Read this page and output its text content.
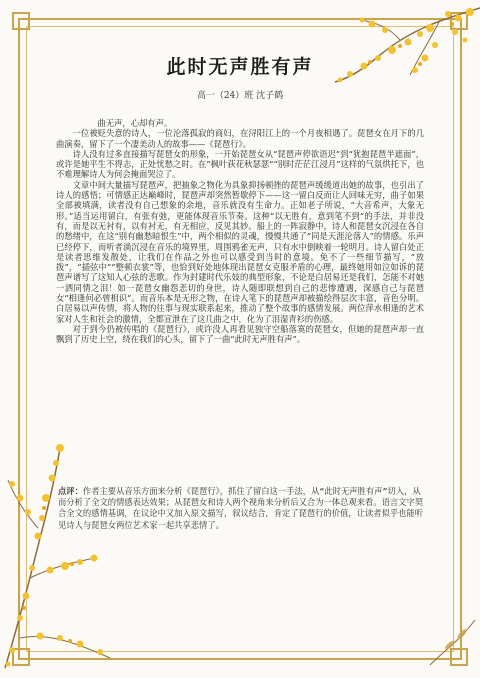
此时无声胜有声
高一（24）班 沈子鹤

曲无声，心却有声。

一位被贬失意的诗人，一位沦落孤寂的商妇，在浔阳江上的一个月夜相遇了。琵琶女在月下的几曲演奏，留下了一个凄美动人的故事——《琵琶行》。

诗人没有过多直接描写琵琶女的形象，一开始琵琶女从“琵琶声停欲语迟”到“犹抱琵琶半遮面”，或许是她平生不得志，正处忧愁之时。在“枫叶荻花秋瑟瑟”“别时茫茫江浸月”这样的气氛烘托下，也不难理解诗人为何会掩面哭泣了。

文章中间大量描写琵琶声，把抽象之物化为具象抑扬顿挫的琵琶声缓缓道出她的故事，也引出了诗人的感悟；可情感正达巅峰时，琵琶声却突然暂歇停下——这一留白反而让人回味无穷，曲子如果全部被填满，读者没有自己想象的余地，音乐就没有生命力。正如老子所说，“大音希声，大象无形。”适当运用留白，有张有弛，更能体现音乐节奏。这种“以无胜有，意到笔不到”的手法，并非没有，而是以无衬有，以有衬无，有无相应，反见其妙。船上的一阵寂静中，诗人和琵琶女沉浸在各自的愁绪中，在这“别有幽愁暗恨生”中，两个相似的灵魂，慢慢共通了“同是天涯沦落人”的情感。乐声已经停下，而听者淌沉浸在音乐的境界里，周围鸦雀无声，只有水中倒映着一轮明月。诗人留白处正是读者思维发散处，让我们在作品之外也可以感受到当时的意境。免不了一些细节描写，“放拨”，“插弦中”“整顿衣裳”等，也恰到好处地体现出琵琶女克服矛盾的心理，最终她用如泣如诉的琵琶声谱写了这知人心弦的悲歌。作为封建时代乐妓的典型形象，不论是白居易还是我们，怎能不对她一洒同情之泪！如一琵琶女幽怨悲切的身世，诗人随即联想到自己的悲惨遭遇，深感自己与琵琶女“相逢何必曾相识”。而音乐本是无形之物，在诗人笔下的琵琶声却被描绘得层次丰富，音色分明。白居易以声传情，将人物的往事与现实联系起来，推动了整个故事的感情发展。两位萍水相逢的艺术家对人生和社会的激情，全都宣泄在了这几曲之中，化为了泪湿青衫的伤感。

对于到今仍被传唱的《琵琶行》，或许没人再看见独守空船落寞的琵琶女，但她的琵琶声却一直飘到了历史上空，绕在我们的心头，留下了一曲“此时无声胜有声”。

点评：作者主要从音乐方面来分析《琵琶行》，抓住了留白这一手法，从“此时无声胜有声”切入，从而分析了全文的情感表达效果；从琵琶女和诗人两个视角来分析后又合为一体总观来看。语言文字契合全文的感情基调，在议论中又加入原文描写，叙议结合，肯定了琵琶行的价值，让读者似乎也能听见诗人与琵琶女两位艺术家一起共享悲情了。
